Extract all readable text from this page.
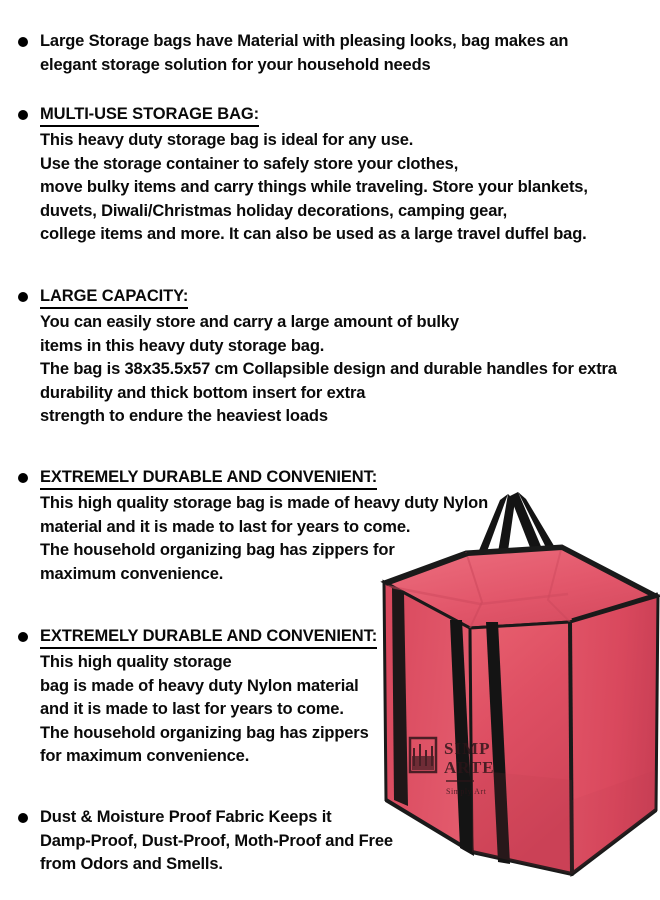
SIMP
ARTE
Simply Art
Large Storage bags have Material with pleasing looks, bag makes an
elegant storage solution for your household needs
MULTI-USE STORAGE BAG:
This heavy duty storage bag is ideal for any use.
Use the storage container to safely store your clothes,
move bulky items and carry things while traveling. Store your blankets,
duvets, Diwali/Christmas holiday decorations, camping gear,
college items and more. It can also be used as a large travel duffel bag.
LARGE CAPACITY:
You can easily store and carry a large amount of bulky
items in this heavy duty storage bag.
The bag is 38x35.5x57 cm Collapsible design and durable handles for extra
durability and thick bottom insert for extra
strength to endure the heaviest loads
EXTREMELY DURABLE AND CONVENIENT:
This high quality storage bag is made of heavy duty Nylon
material and it is made to last for years to come.
The household organizing bag has zippers for
maximum convenience.
EXTREMELY DURABLE AND CONVENIENT:
This high quality storage
bag is made of heavy duty Nylon material
and it is made to last for years to come.
The household organizing bag has zippers
for maximum convenience.
Dust & Moisture Proof Fabric Keeps it
Damp-Proof, Dust-Proof, Moth-Proof and Free
from Odors and Smells.
